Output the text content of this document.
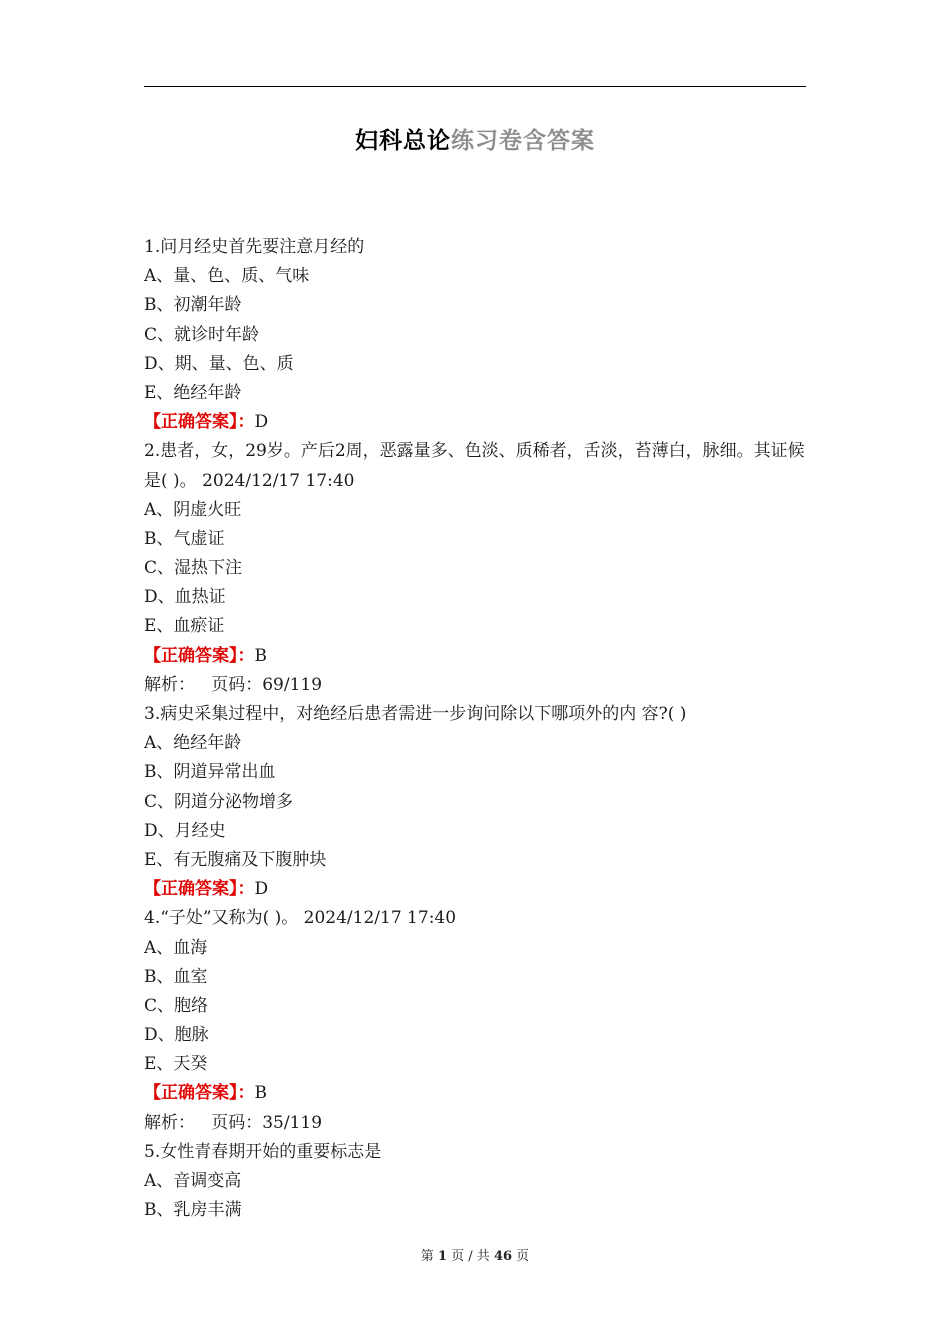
妇科总论练习卷含答案
1.问月经史首先要注意月经的
A、量、色、质、气味
B、初潮年龄
C、就诊时年龄
D、期、量、色、质
E、绝经年龄
【正确答案】：D
2.患者，女，29岁。产后2周，恶露量多、色淡、质稀者，舌淡，苔薄白，脉细。其证候是( )。 2024/12/17 17:40
A、阴虚火旺
B、气虚证
C、湿热下注
D、血热证
E、血瘀证
【正确答案】：B
解析：   页码：69/119
3.病史采集过程中，对绝经后患者需进一步询问除以下哪项外的内 容?( )
A、绝经年龄
B、阴道异常出血
C、阴道分泌物增多
D、月经史
E、有无腹痛及下腹肿块
【正确答案】：D
4.“子处”又称为( )。 2024/12/17 17:40
A、血海
B、血室
C、胞络
D、胞脉
E、天癸
【正确答案】：B
解析：   页码：35/119
5.女性青春期开始的重要标志是
A、音调变高
B、乳房丰满
第 1 页 / 共 46 页
